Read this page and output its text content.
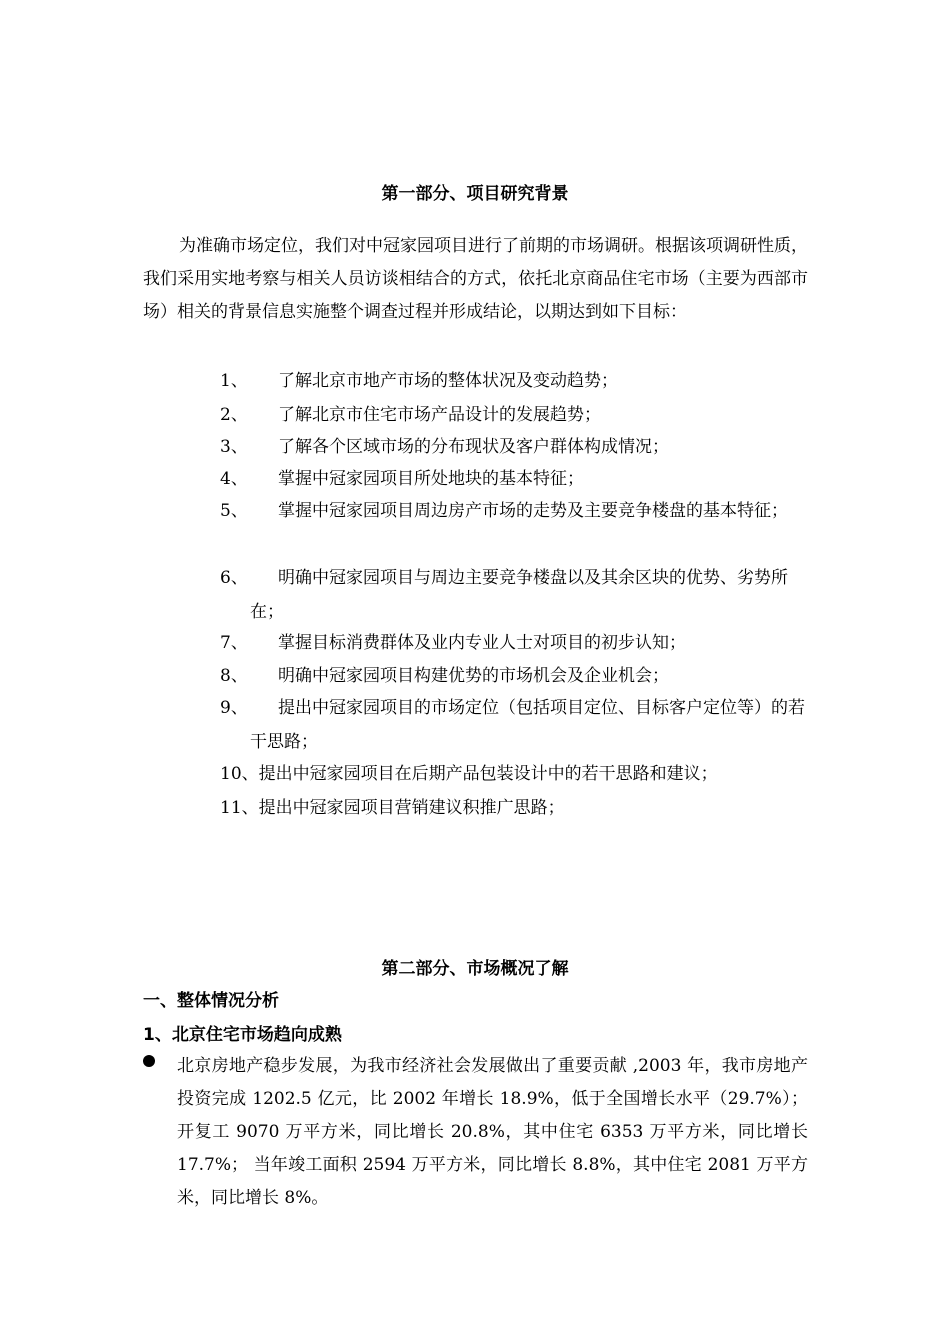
第一部分、项目研究背景

为准确市场定位，我们对中冠家园项目进行了前期的市场调研。根据该项调研性质，我们采用实地考察与相关人员访谈相结合的方式，依托北京商品住宅市场（主要为西部市场）相关的背景信息实施整个调查过程并形成结论，以期达到如下目标：

1、	了解北京市地产市场的整体状况及变动趋势；
2、	了解北京市住宅市场产品设计的发展趋势；
3、	了解各个区域市场的分布现状及客户群体构成情况；
4、	掌握中冠家园项目所处地块的基本特征；
5、	掌握中冠家园项目周边房产市场的走势及主要竞争楼盘的基本特征；
6、	明确中冠家园项目与周边主要竞争楼盘以及其余区块的优势、劣势所在；
7、	掌握目标消费群体及业内专业人士对项目的初步认知；
8、	明确中冠家园项目构建优势的市场机会及企业机会；
9、	提出中冠家园项目的市场定位（包括项目定位、目标客户定位等）的若干思路；
10、提出中冠家园项目在后期产品包装设计中的若干思路和建议；
11、提出中冠家园项目营销建议积推广思路；
第二部分、市场概况了解
一、整体情况分析
1、北京住宅市场趋向成熟

北京房地产稳步发展，为我市经济社会发展做出了重要贡献 ,2003 年，我市房地产投资完成 1202.5 亿元，比 2002 年增长 18.9%，低于全国增长水平（29.7%）； 开复工 9070 万平方米，同比增长 20.8%，其中住宅 6353 万平方米，同比增长 17.7%； 当年竣工面积 2594 万平方米，同比增长 8.8%，其中住宅 2081 万平方米，同比增长 8%。
